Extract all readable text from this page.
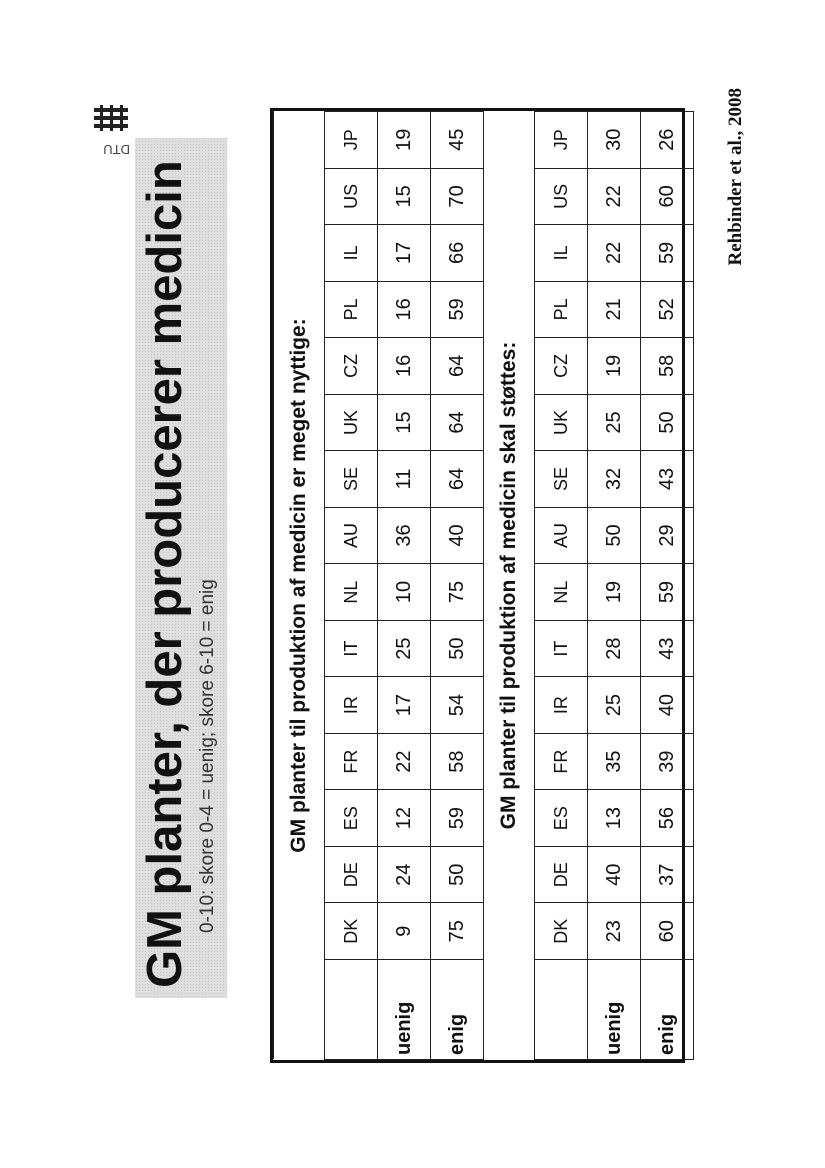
GM planter, der producerer medicin 0-10: skore 0-4 = uenig; skore 6-10 = enig
DTU
GM planter til produktion af medicin er meget nyttige:															
	DK	DE	ES	FR	IR	IT	NL	AU	SE	UK	CZ	PL	IL	US	JP
uenig	9	24	12	22	17	25	10	36	11	15	16	16	17	15	19
enig	75	50	59	58	54	50	75	40	64	64	64	59	66	70	45
GM planter til produktion af medicin skal støttes:															
	DK	DE	ES	FR	IR	IT	NL	AU	SE	UK	CZ	PL	IL	US	JP
uenig	23	40	13	35	25	28	19	50	32	25	19	21	22	22	30
enig	60	37	56	39	40	43	59	29	43	50	58	52	59	60	26	Rehbinder et al., 2008
